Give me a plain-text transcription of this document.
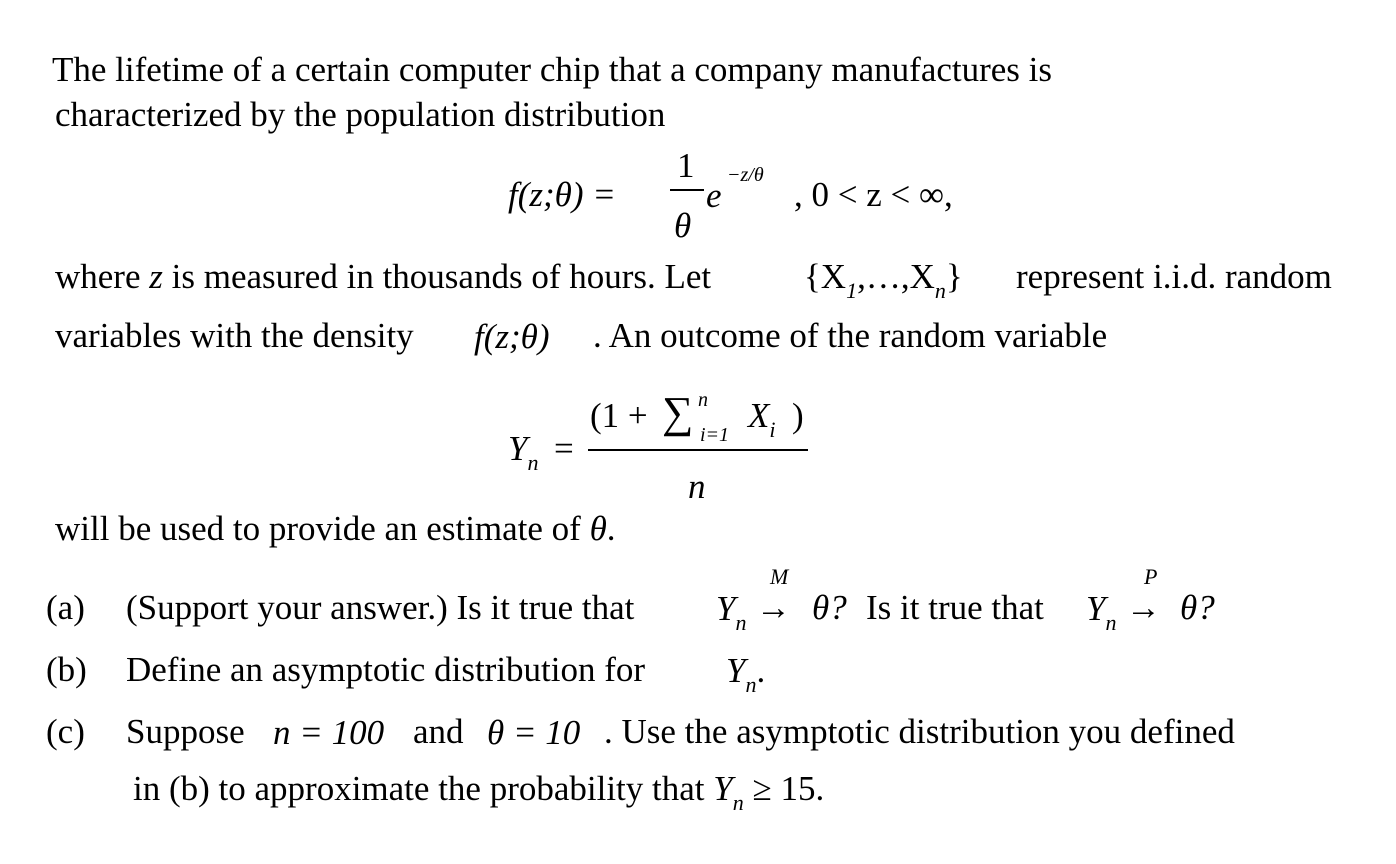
The lifetime of a certain computer chip that a company manufactures is
characterized by the population distribution
f(z;θ) =
1
θ
e
−z/θ , 0 < z < ∞,
where z is measured in thousands of hours. Let	$\{X_1,\dots,X_n\}$ represent i.i.d. random
variables with the density f(z;θ) . An outcome of the random variable
$Y_n$ =
(1 + ∑ n
i=1 $X_i$ )
n
will be used to provide an estimate of θ.
(a) (Support your answer.) Is it true that $Y_n$
M
→ θ? Is it true that $Y_n$
P
→ θ?
(b) Define an asymptotic distribution for $Y_n$.
(c) Suppose n = 100 and θ = 10 . Use the asymptotic distribution you defined
in (b) to approximate the probability that $Y_n \ge 15$.
